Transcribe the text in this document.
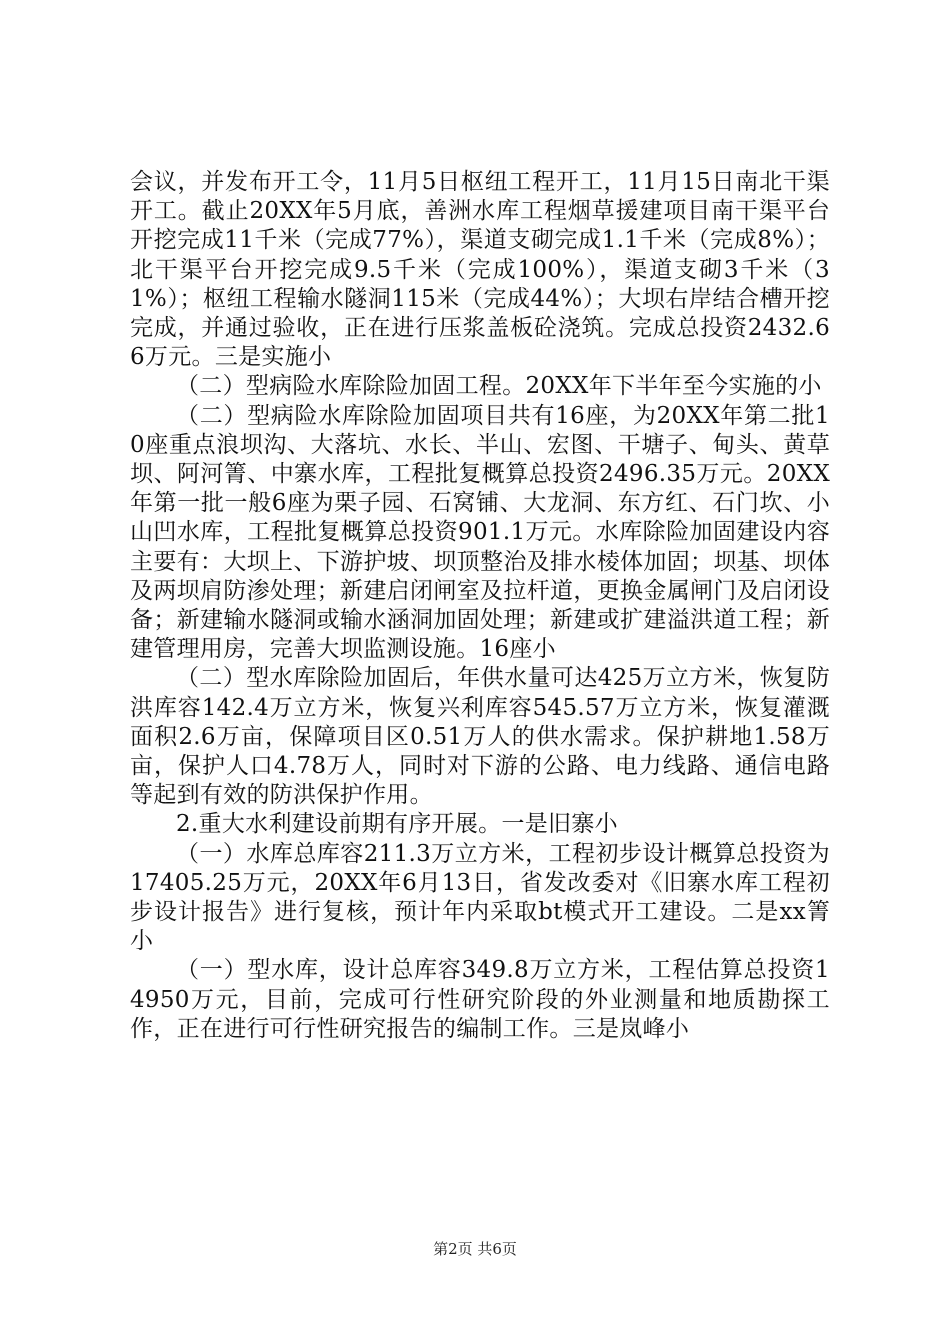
会议，并发布开工令，11月5日枢纽工程开工，11月15日南北干渠开工。截止20XX年5月底，善洲水库工程烟草援建项目南干渠平台开挖完成11千米（完成77%），渠道支砌完成1.1千米（完成8%）；北干渠平台开挖完成9.5千米（完成100%），渠道支砌3千米（31%）；枢纽工程输水隧洞115米（完成44%）；大坝右岸结合槽开挖完成，并通过验收，正在进行压浆盖板砼浇筑。完成总投资2432.66万元。三是实施小

（二）型病险水库除险加固工程。20XX年下半年至今实施的小

（二）型病险水库除险加固项目共有16座，为20XX年第二批10座重点浪坝沟、大落坑、水长、半山、宏图、干塘子、甸头、黄草坝、阿河箐、中寨水库，工程批复概算总投资2496.35万元。20XX年第一批一般6座为栗子园、石窝铺、大龙洞、东方红、石门坎、小山凹水库，工程批复概算总投资901.1万元。水库除险加固建设内容主要有：大坝上、下游护坡、坝顶整治及排水棱体加固；坝基、坝体及两坝肩防渗处理；新建启闭闸室及拉杆道，更换金属闸门及启闭设备；新建输水隧洞或输水涵洞加固处理；新建或扩建溢洪道工程；新建管理用房，完善大坝监测设施。16座小

（二）型水库除险加固后，年供水量可达425万立方米，恢复防洪库容142.4万立方米，恢复兴利库容545.57万立方米，恢复灌溉面积2.6万亩，保障项目区0.51万人的供水需求。保护耕地1.58万亩，保护人口4.78万人，同时对下游的公路、电力线路、通信电路等起到有效的防洪保护作用。

2.重大水利建设前期有序开展。一是旧寨小

（一）水库总库容211.3万立方米，工程初步设计概算总投资为17405.25万元，20XX年6月13日，省发改委对《旧寨水库工程初步设计报告》进行复核，预计年内采取bt模式开工建设。二是xx箐小

（一）型水库，设计总库容349.8万立方米，工程估算总投资14950万元，目前，完成可行性研究阶段的外业测量和地质勘探工作，正在进行可行性研究报告的编制工作。三是岚峰小

第2页 共6页
